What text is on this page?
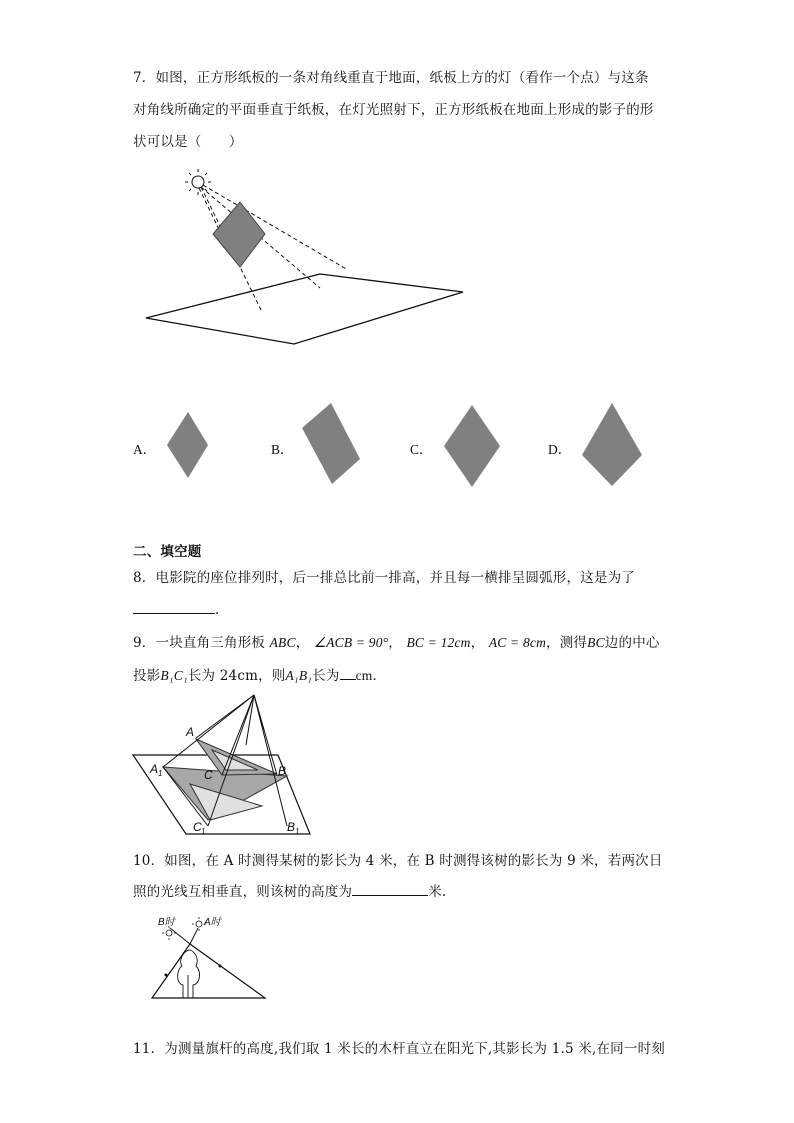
7．如图，正方形纸板的一条对角线重直于地面，纸板上方的灯（看作一个点）与这条
对角线所确定的平面垂直于纸板，在灯光照射下，正方形纸板在地面上形成的影子的形
状可以是（　　）
A．	B．	C．	D．
二、填空题
8．电影院的座位排列时，后一排总比前一排高，并且每一横排呈圆弧形，这是为了
．
9．一块直角三角形板 ABC， ∠ACB = 90°， BC = 12cm， AC = 8cm，测得BC边的中心
投影B₁C₁长为 24cm，则A₁B₁长为 cm．
A
A 1	C	B
C 1	B 1
10．如图，在 A 时测得某树的影长为 4 米，在 B 时测得该树的影长为 9 米，若两次日
照的光线互相垂直，则该树的高度为	米.
B时	A时
11．为测量旗杆的高度,我们取 1 米长的木杆直立在阳光下,其影长为 1.5 米,在同一时刻
